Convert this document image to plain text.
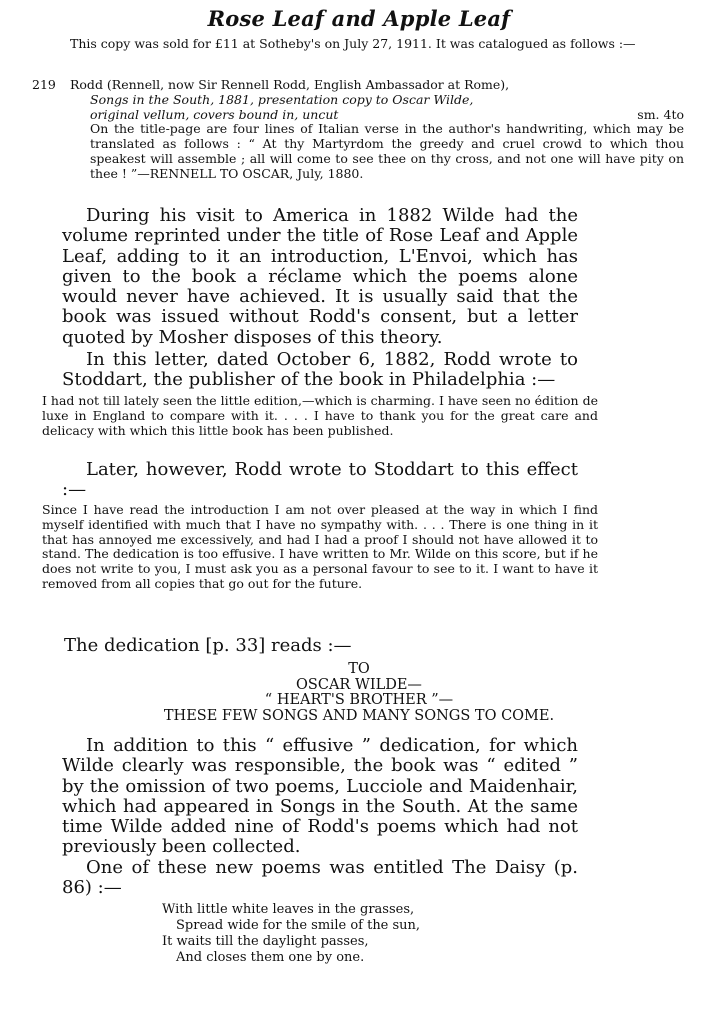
Rose Leaf and Apple Leaf
This copy was sold for £11 at Sotheby's on July 27, 1911. It was catalogued as follows :—
219 Rodd (Rennell, now Sir Rennell Rodd, English Ambassador at Rome),
Songs in the South, 1881, presentation copy to Oscar Wilde,
original vellum, covers bound in, uncut	sm. 4to
On the title-page are four lines of Italian verse in the author's handwriting, which may be translated as follows : “ At thy Martyrdom the greedy and cruel crowd to which thou speakest will assemble ; all will come to see thee on thy cross, and not one will have pity on thee ! ”—RENNELL TO OSCAR, July, 1880.
During his visit to America in 1882 Wilde had the volume reprinted under the title of Rose Leaf and Apple Leaf, adding to it an introduction, L'Envoi, which has given to the book a réclame which the poems alone would never have achieved. It is usually said that the book was issued without Rodd's consent, but a letter quoted by Mosher disposes of this theory.
In this letter, dated October 6, 1882, Rodd wrote to Stoddart, the publisher of the book in Philadelphia :—
I had not till lately seen the little edition,—which is charming. I have seen no édition de luxe in England to compare with it. . . . I have to thank you for the great care and delicacy with which this little book has been published.
Later, however, Rodd wrote to Stoddart to this effect :—
Since I have read the introduction I am not over pleased at the way in which I find myself identified with much that I have no sympathy with. . . . There is one thing in it that has annoyed me excessively, and had I had a proof I should not have allowed it to stand. The dedication is too effusive. I have written to Mr. Wilde on this score, but if he does not write to you, I must ask you as a personal favour to see to it. I want to have it removed from all copies that go out for the future.
The dedication [p. 33] reads :—
TO
OSCAR WILDE—
“ HEART'S BROTHER ”—
THESE FEW SONGS AND MANY SONGS TO COME.
In addition to this “ effusive ” dedication, for which Wilde clearly was responsible, the book was “ edited ” by the omission of two poems, Lucciole and Maidenhair, which had appeared in Songs in the South. At the same time Wilde added nine of Rodd's poems which had not previously been collected.
One of these new poems was entitled The Daisy (p. 86) :—
With little white leaves in the grasses,
Spread wide for the smile of the sun,
It waits till the daylight passes,
And closes them one by one.
